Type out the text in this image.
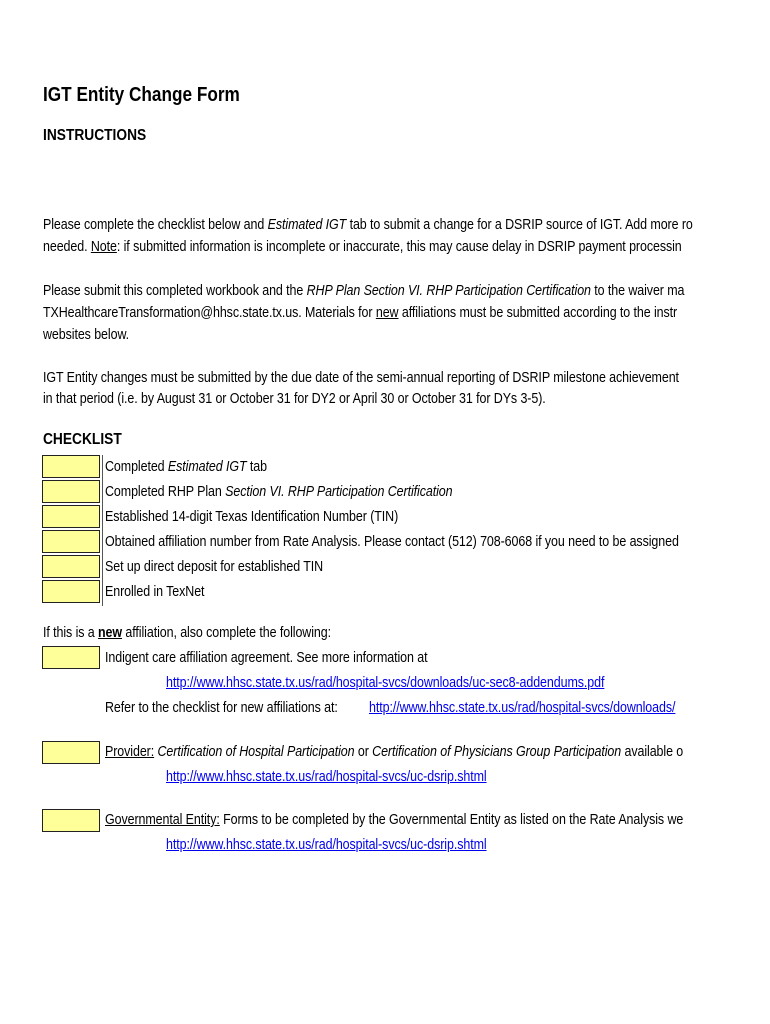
IGT Entity Change Form
INSTRUCTIONS
Please complete the checklist below and Estimated IGT tab to submit a change for a DSRIP source of IGT. Add more ro
needed. Note: if submitted information is incomplete or inaccurate, this may cause delay in DSRIP payment processin
Please submit this completed workbook and the RHP Plan Section VI. RHP Participation Certification to the waiver ma
TXHealthcareTransformation@hhsc.state.tx.us. Materials for new affiliations must be submitted according to the instr
websites below.
IGT Entity changes must be submitted by the due date of the semi-annual reporting of DSRIP milestone achievement
in that period (i.e. by August 31 or October 31 for DY2 or April 30 or October 31 for DYs 3-5).
CHECKLIST
Completed Estimated IGT tab
Completed RHP Plan Section VI. RHP Participation Certification
Established 14-digit Texas Identification Number (TIN)
Obtained affiliation number from Rate Analysis. Please contact (512) 708-6068 if you need to be assigned
Set up direct deposit for established TIN
Enrolled in TexNet
If this is a new affiliation, also complete the following:
Indigent care affiliation agreement. See more information at
http://www.hhsc.state.tx.us/rad/hospital-svcs/downloads/uc-sec8-addendums.pdf
Refer to the checklist for new affiliations at: http://www.hhsc.state.tx.us/rad/hospital-svcs/downloads/
Provider: Certification of Hospital Participation or Certification of Physicians Group Participation available o
http://www.hhsc.state.tx.us/rad/hospital-svcs/uc-dsrip.shtml
Governmental Entity: Forms to be completed by the Governmental Entity as listed on the Rate Analysis we
http://www.hhsc.state.tx.us/rad/hospital-svcs/uc-dsrip.shtml
